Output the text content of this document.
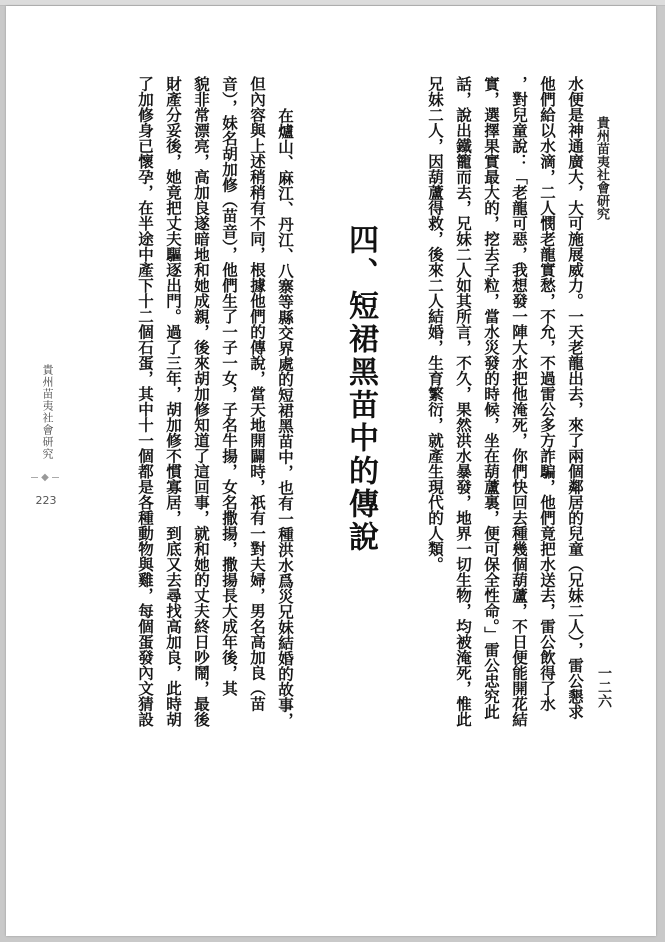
貴州苗夷社會研究
◆
223
貴州苗夷社會研究
水便是神通廣大，大可施展威力。一天老龍出去，來了兩個鄰居的兒童（兄妹二人），雷公懇求
他們給以水滴，二人憫老龍實愁，不允，不過雷公多方詐騙，他們竟把水送去，雷公飲得了水
，對兒童說：「老龍可惡，我想發一陣大水把他淹死，你們快回去種幾個葫蘆，不日便能開花結
實，選擇果實最大的，挖去子粒，當水災發的時候，坐在葫蘆裏，便可保全性命。」雷公忠究此
話，說出鐵籠而去，兄妹二人如其所言，不久，果然洪水暴發，地界一切生物，均被淹死，惟此
兄妹二人，因葫蘆得救，後來二人結婚，生育繁衍，就產生現代的人類。
一二六
四、短裙黑苗中的傳說
在爐山、麻江、丹江、八寨等縣交界處的短裙黑苗中，也有一種洪水爲災兄妹結婚的故事，
但內容與上述稍稍有不同，根據他們的傳說，當天地開闢時，祇有一對夫婦，男名高加良（苗
音），妹名胡加修（苗音），他們生了一子一女，子名牛揚，女名撒揚，撒揚長大成年後，其
貌非常漂亮，高加良遂暗地和她成親，後來胡加修知道了這回事，就和她的丈夫終日吵鬧，最後
財產分妥後，她竟把丈夫驅逐出門。過了三年，胡加修不慣寡居，到底又去尋找高加良，此時胡
了加修身已懷孕，在半途中產下十二個石蛋，其中十一個都是各種動物與雞，每個蛋發內文猜設
